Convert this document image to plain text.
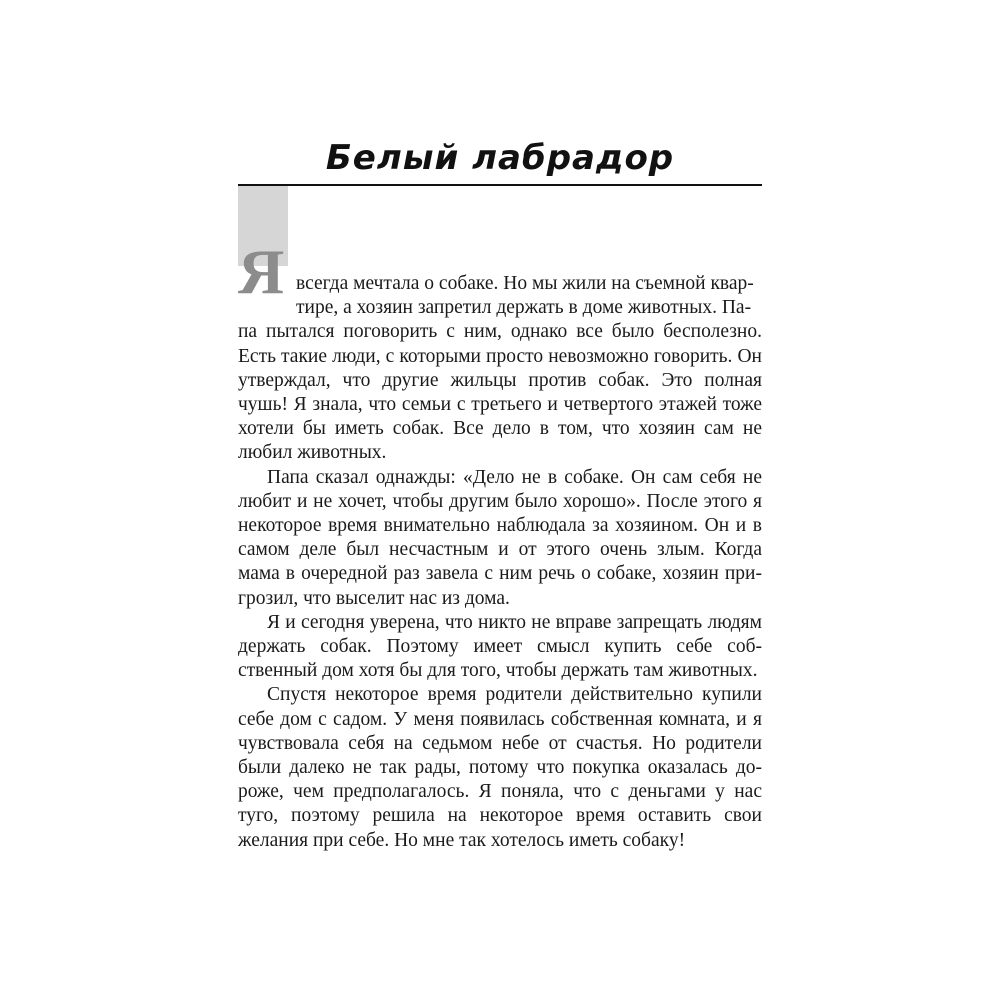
Белый лабрадор
Я всегда мечтала о собаке. Но мы жили на съемной квар-
тире, а хозяин запретил держать в доме животных. Па-
па пытался поговорить с ним, однако все было бесполезно. Есть такие люди, с которыми просто невозможно говорить. Он утверждал, что другие жильцы против собак. Это полная чушь! Я знала, что семьи с третьего и четвертого этажей тоже хотели бы иметь собак. Все дело в том, что хозяин сам не любил животных.

Папа сказал однажды: «Дело не в собаке. Он сам себя не любит и не хочет, чтобы другим было хорошо». После этого я некоторое время внимательно наблюдала за хозяином. Он и в самом деле был несчастным и от этого очень злым. Когда мама в очередной раз завела с ним речь о собаке, хозяин пригрозил, что выселит нас из дома.

Я и сегодня уверена, что никто не вправе запрещать людям держать собак. Поэтому имеет смысл купить себе собственный дом хотя бы для того, чтобы держать там животных.

Спустя некоторое время родители действительно купили себе дом с садом. У меня появилась собственная комната, и я чувствовала себя на седьмом небе от счастья. Но родители были далеко не так рады, потому что покупка оказалась дороже, чем предполагалось. Я поняла, что с деньгами у нас туго, поэтому решила на некоторое время оставить свои желания при себе. Но мне так хотелось иметь собаку!
